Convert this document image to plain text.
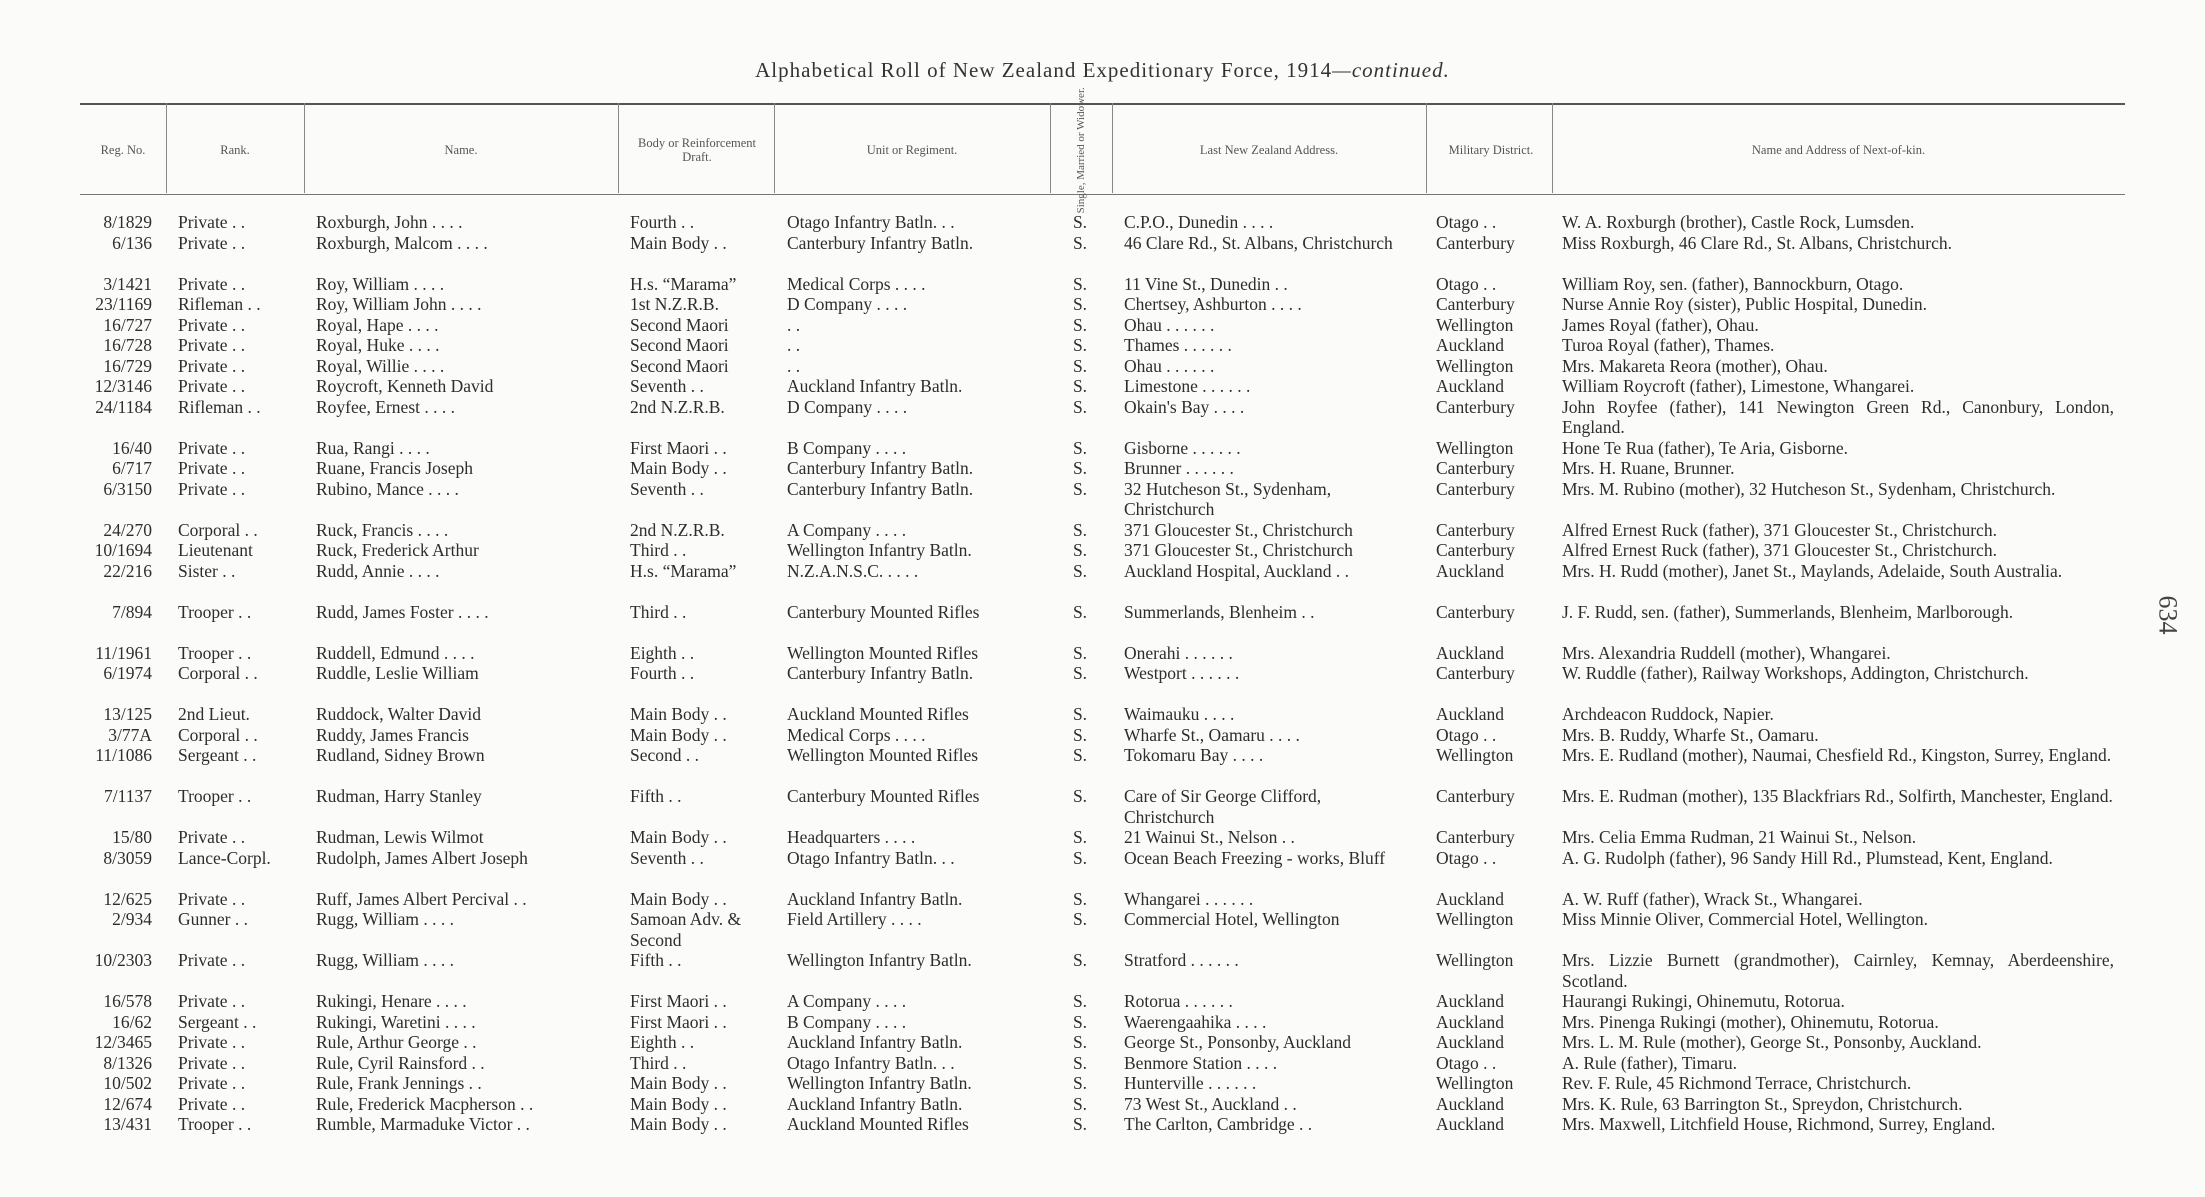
Alphabetical Roll of New Zealand Expeditionary Force, 1914—continued.
Reg. No.	Rank.	Name.
Body or Reinforcement Draft.
Unit or Regiment.	Single, Married or Widower.	Last New Zealand Address.	Military District.	Name and Address of Next-of-kin.
8/1829 Private . .	Roxburgh, John . . . .	Fourth . .	Otago Infantry Batln. . .	S.	C.P.O., Dunedin . . . .	Otago . .	W. A. Roxburgh (brother), Castle Rock, Lumsden.
6/136 Private . .	Roxburgh, Malcom . . . .	Main Body . .	Canterbury Infantry Batln.	S.	46 Clare Rd., St. Albans, Christchurch	Canterbury	Miss Roxburgh, 46 Clare Rd., St. Albans, Christchurch.
3/1421 Private . .	Roy, William . . . .	H.s. “Marama”	Medical Corps . . . .	S.	11 Vine St., Dunedin . .	Otago . .	William Roy, sen. (father), Bannockburn, Otago.
23/1169 Rifleman . .	Roy, William John . . . .	1st N.Z.R.B.	D Company . . . .	S.	Chertsey, Ashburton . . . .	Canterbury	Nurse Annie Roy (sister), Public Hospital, Dunedin.
16/727 Private . .	Royal, Hape . . . .	Second Maori	. .	S.	Ohau . . . . . .	Wellington	James Royal (father), Ohau.
16/728 Private . .	Royal, Huke . . . .	Second Maori	. .	S.	Thames . . . . . .	Auckland	Turoa Royal (father), Thames.
16/729 Private . .	Royal, Willie . . . .	Second Maori	. .	S.	Ohau . . . . . .	Wellington	Mrs. Makareta Reora (mother), Ohau.
12/3146 Private . .	Roycroft, Kenneth David	Seventh . .	Auckland Infantry Batln.	S.	Limestone . . . . . .	Auckland	William Roycroft (father), Limestone, Whangarei.
24/1184 Rifleman . .	Royfee, Ernest . . . .	2nd N.Z.R.B.	D Company . . . .	S.	Okain's Bay . . . .	Canterbury	John Royfee (father), 141 Newington Green Rd., Canonbury, London, England.
16/40 Private . .	Rua, Rangi . . . .	First Maori . .	B Company . . . .	S.	Gisborne . . . . . .	Wellington	Hone Te Rua (father), Te Aria, Gisborne.
6/717 Private . .	Ruane, Francis Joseph	Main Body . .	Canterbury Infantry Batln.	S.	Brunner . . . . . .	Canterbury	Mrs. H. Ruane, Brunner.
6/3150 Private . .	Rubino, Mance . . . .	Seventh . .	Canterbury Infantry Batln.	S.	32 Hutcheson St., Sydenham, Christchurch
Canterbury	Mrs. M. Rubino (mother), 32 Hutcheson St., Sydenham, Christchurch.
24/270 Corporal . .	Ruck, Francis . . . .	2nd N.Z.R.B.	A Company . . . .	S.	371 Gloucester St., Christchurch	Canterbury	Alfred Ernest Ruck (father), 371 Gloucester St., Christchurch.
10/1694 Lieutenant	Ruck, Frederick Arthur	Third . .	Wellington Infantry Batln.	S.	371 Gloucester St., Christchurch	Canterbury	Alfred Ernest Ruck (father), 371 Gloucester St., Christchurch.
22/216 Sister . .	Rudd, Annie . . . .	H.s. “Marama”	N.Z.A.N.S.C. . . . .	S.	Auckland Hospital, Auckland . .	Auckland	Mrs. H. Rudd (mother), Janet St., Maylands, Adelaide, South Australia.
7/894 Trooper . .	Rudd, James Foster . . . .	Third . .	Canterbury Mounted Rifles	S.	Summerlands, Blenheim . .	Canterbury	J. F. Rudd, sen. (father), Summerlands, Blenheim, Marlborough.
11/1961 Trooper . .	Ruddell, Edmund . . . .	Eighth . .	Wellington Mounted Rifles	S.	Onerahi . . . . . .	Auckland	Mrs. Alexandria Ruddell (mother), Whangarei.
6/1974 Corporal . .	Ruddle, Leslie William	Fourth . .	Canterbury Infantry Batln.	S.	Westport . . . . . .	Canterbury	W. Ruddle (father), Railway Workshops, Addington, Christchurch.
13/125 2nd Lieut.	Ruddock, Walter David	Main Body . .	Auckland Mounted Rifles	S.	Waimauku . . . .	Auckland	Archdeacon Ruddock, Napier.
3/77A Corporal . .	Ruddy, James Francis	Main Body . .	Medical Corps . . . .	S.	Wharfe St., Oamaru . . . .	Otago . .	Mrs. B. Ruddy, Wharfe St., Oamaru.
11/1086 Sergeant . .	Rudland, Sidney Brown	Second . .	Wellington Mounted Rifles	S.	Tokomaru Bay . . . .	Wellington	Mrs. E. Rudland (mother), Naumai, Chesfield Rd., Kingston, Surrey, England.
7/1137 Trooper . .	Rudman, Harry Stanley	Fifth . .	Canterbury Mounted Rifles	S.	Care of Sir George Clifford, Christchurch
Canterbury	Mrs. E. Rudman (mother), 135 Blackfriars Rd., Solfirth, Manchester, England.
15/80 Private . .	Rudman, Lewis Wilmot	Main Body . .	Headquarters . . . .	S.	21 Wainui St., Nelson . .	Canterbury	Mrs. Celia Emma Rudman, 21 Wainui St., Nelson.
8/3059 Lance-Corpl.	Rudolph, James Albert Joseph	Seventh . .	Otago Infantry Batln. . .	S.	Ocean Beach Freezing - works, Bluff	Otago . .	A. G. Rudolph (father), 96 Sandy Hill Rd., Plumstead, Kent, England.
12/625 Private . .	Ruff, James Albert Percival . .	Main Body . .	Auckland Infantry Batln.	S.	Whangarei . . . . . .	Auckland	A. W. Ruff (father), Wrack St., Whangarei.
2/934 Gunner . .	Rugg, William . . . .	Samoan Adv. & Second
Field Artillery . . . .	S.	Commercial Hotel, Wellington	Wellington	Miss Minnie Oliver, Commercial Hotel, Wellington.
10/2303 Private . .	Rugg, William . . . .	Fifth . .	Wellington Infantry Batln.	S.	Stratford . . . . . .	Wellington	Mrs. Lizzie Burnett (grandmother), Cairnley, Kemnay, Aberdeenshire, Scotland.
16/578 Private . .	Rukingi, Henare . . . .	First Maori . .	A Company . . . .	S.	Rotorua . . . . . .	Auckland	Haurangi Rukingi, Ohinemutu, Rotorua.
16/62 Sergeant . .	Rukingi, Waretini . . . .	First Maori . .	B Company . . . .	S.	Waerengaahika . . . .	Auckland	Mrs. Pinenga Rukingi (mother), Ohinemutu, Rotorua.
12/3465 Private . .	Rule, Arthur George . .	Eighth . .	Auckland Infantry Batln.	S.	George St., Ponsonby, Auckland	Auckland	Mrs. L. M. Rule (mother), George St., Ponsonby, Auckland.
8/1326 Private . .	Rule, Cyril Rainsford . .	Third . .	Otago Infantry Batln. . .	S.	Benmore Station . . . .	Otago . .	A. Rule (father), Timaru.
10/502 Private . .	Rule, Frank Jennings . .	Main Body . .	Wellington Infantry Batln.	S.	Hunterville . . . . . .	Wellington	Rev. F. Rule, 45 Richmond Terrace, Christchurch.
12/674 Private . .	Rule, Frederick Macpherson . .	Main Body . .	Auckland Infantry Batln.	S.	73 West St., Auckland . .	Auckland	Mrs. K. Rule, 63 Barrington St., Spreydon, Christchurch.
13/431 Trooper . .	Rumble, Marmaduke Victor . .	Main Body . .	Auckland Mounted Rifles	S.	The Carlton, Cambridge . .	Auckland	Mrs. Maxwell, Litchfield House, Richmond, Surrey, England.
634
